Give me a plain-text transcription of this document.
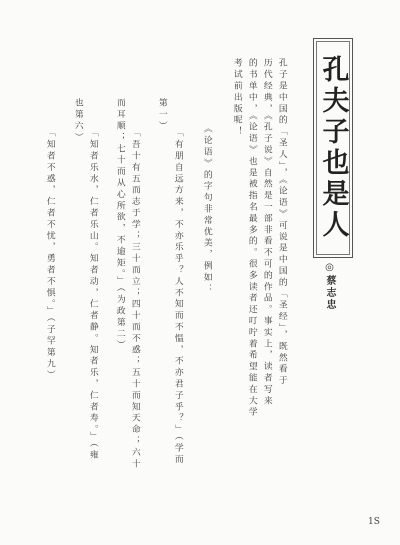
孔夫子也是人
◎蔡志忠
孔子是中国的「圣人」，《论语》可说是中国的「圣经」，既然看于
历代经典，《孔子说》自然是一部非看不可的作品。事实上，读者写来
的书单中，《论语》也是被指名最多的。很多读者还叮咛着希望能在大学
考试前出版呢！
《论语》的字句非常优美，例如：
「有朋自远方来，不亦乐乎？人不知而不愠，不亦君子乎？」（学而
第一）
「吾十有五而志于学；三十而立；四十而不惑；五十而知天命；六十
而耳顺；七十而从心所欲，不逾矩。」（为政第二）
「知者乐水，仁者乐山。知者动，仁者静。知者乐，仁者寿。」（雍
也第六）
「知者不惑，仁者不忧，勇者不惧。」（子罕第九）
1S
